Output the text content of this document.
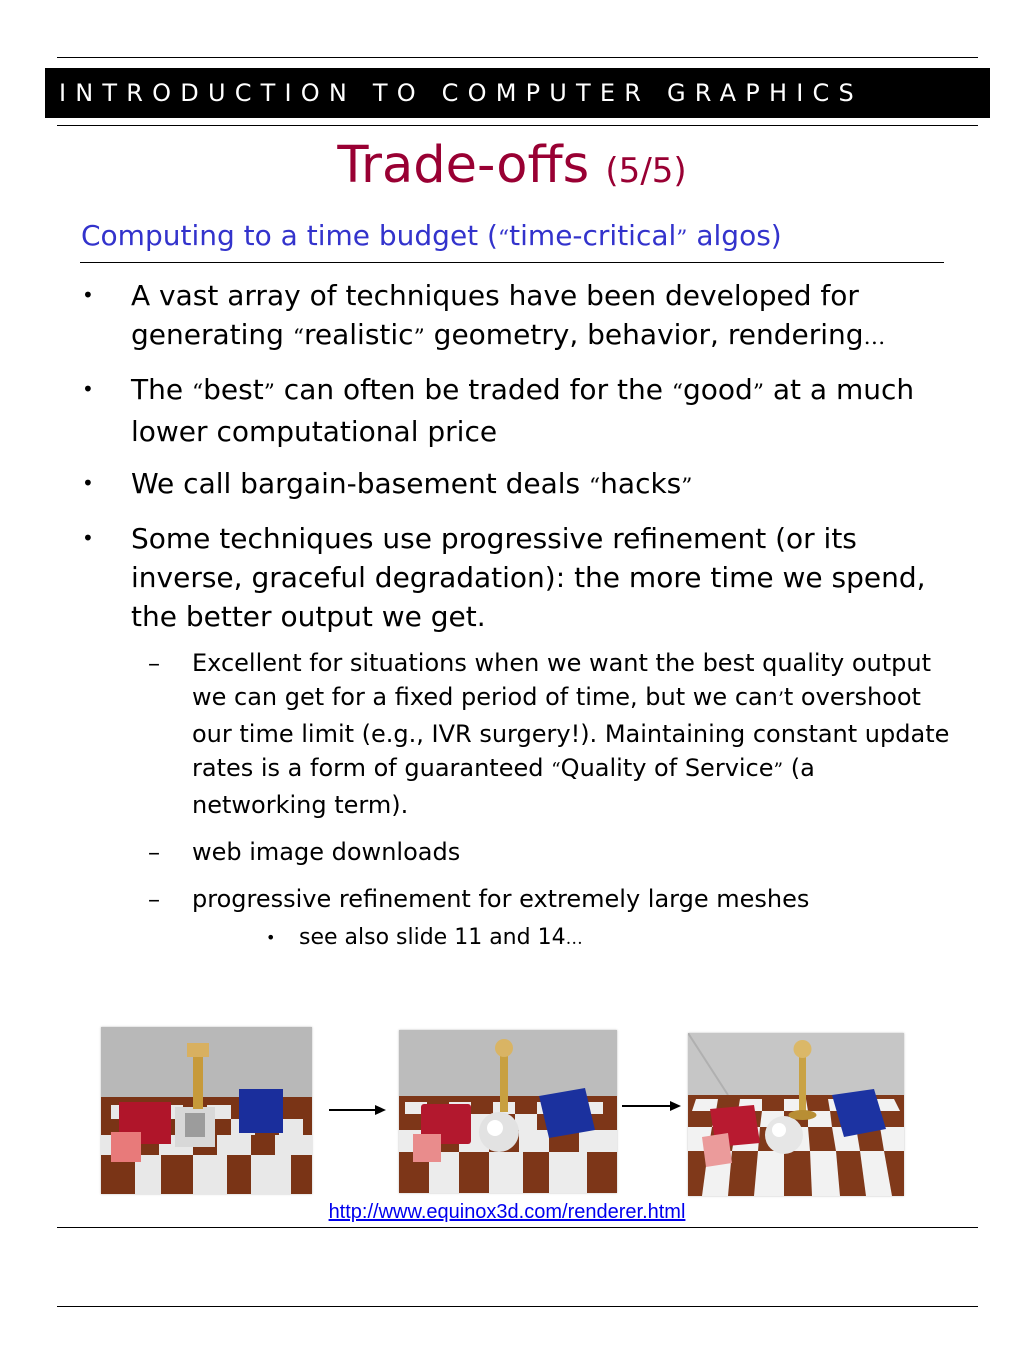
INTRODUCTION TO COMPUTER GRAPHICS
Trade-offs (5/5)
Computing to a time budget (“time-critical” algos)
• A vast array of techniques have been developed for generating “realistic” geometry, behavior, rendering…
• The “best” can often be traded for the “good” at a much lower computational price
• We call bargain-basement deals “hacks”
• Some techniques use progressive refinement (or its inverse, graceful degradation): the more time we spend, the better output we get.
– Excellent for situations when we want the best quality output we can get for a fixed period of time, but we can’t overshoot our time limit (e.g., IVR surgery!). Maintaining constant update rates is a form of guaranteed “Quality of Service” (a networking term).
– web image downloads
– progressive refinement for extremely large meshes
• see also slide 11 and 14…
http://www.equinox3d.com/renderer.html
